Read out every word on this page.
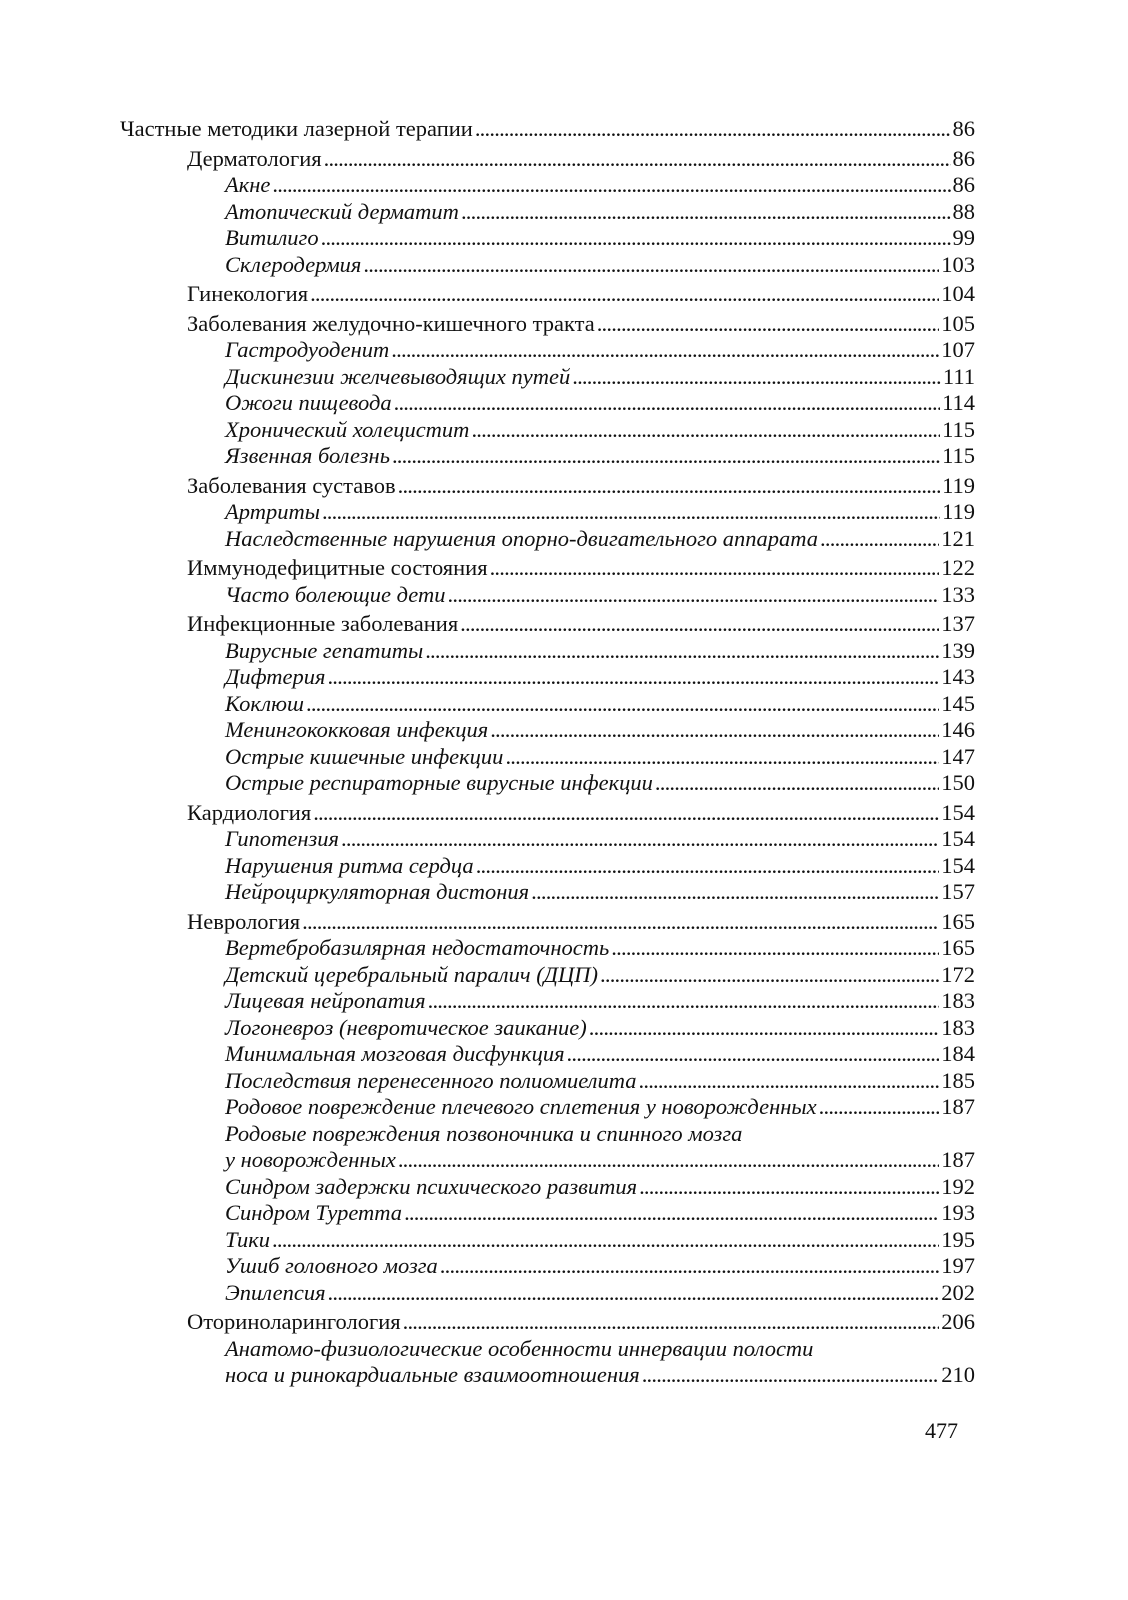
Частные методики лазерной терапии . . .	86
Дерматология . . .	86
Акне . . .	86
Атопический дерматит . . .	88
Витилиго . . .	99
Склеродермия . . .	103
Гинекология . . .	104
Заболевания желудочно-кишечного тракта . . .	105
Гастродуоденит . . .	107
Дискинезии желчевыводящих путей . . .	111
Ожоги пищевода . . .	114
Хронический холецистит . . .	115
Язвенная болезнь . . .	115
Заболевания суставов . . .	119
Артриты . . .	119
Наследственные нарушения опорно-двигательного аппарата . . .	121
Иммунодефицитные состояния . . .	122
Часто болеющие дети . . .	133
Инфекционные заболевания . . .	137
Вирусные гепатиты . . .	139
Дифтерия . . .	143
Коклюш . . .	145
Менингококковая инфекция . . .	146
Острые кишечные инфекции . . .	147
Острые респираторные вирусные инфекции . . .	150
Кардиология . . .	154
Гипотензия . . .	154
Нарушения ритма сердца . . .	154
Нейроциркуляторная дистония . . .	157
Неврология . . .	165
Вертебробазилярная недостаточность . . .	165
Детский церебральный паралич (ДЦП) . . .	172
Лицевая нейропатия . . .	183
Логоневроз (невротическое заикание) . . .	183
Минимальная мозговая дисфункция . . .	184
Последствия перенесенного полиомиелита . . .	185
Родовое повреждение плечевого сплетения у новорожденных . . .	187
Родовые повреждения позвоночника и спинного мозга
у новорожденных . . .	187
Синдром задержки психического развития . . .	192
Синдром Туретта . . .	193
Тики . . .	195
Ушиб головного мозга . . .	197
Эпилепсия . . .	202
Оториноларингология . . .	206
Анатомо-физиологические особенности иннервации полости
носа и ринокардиальные взаимоотношения . . .	210
477
